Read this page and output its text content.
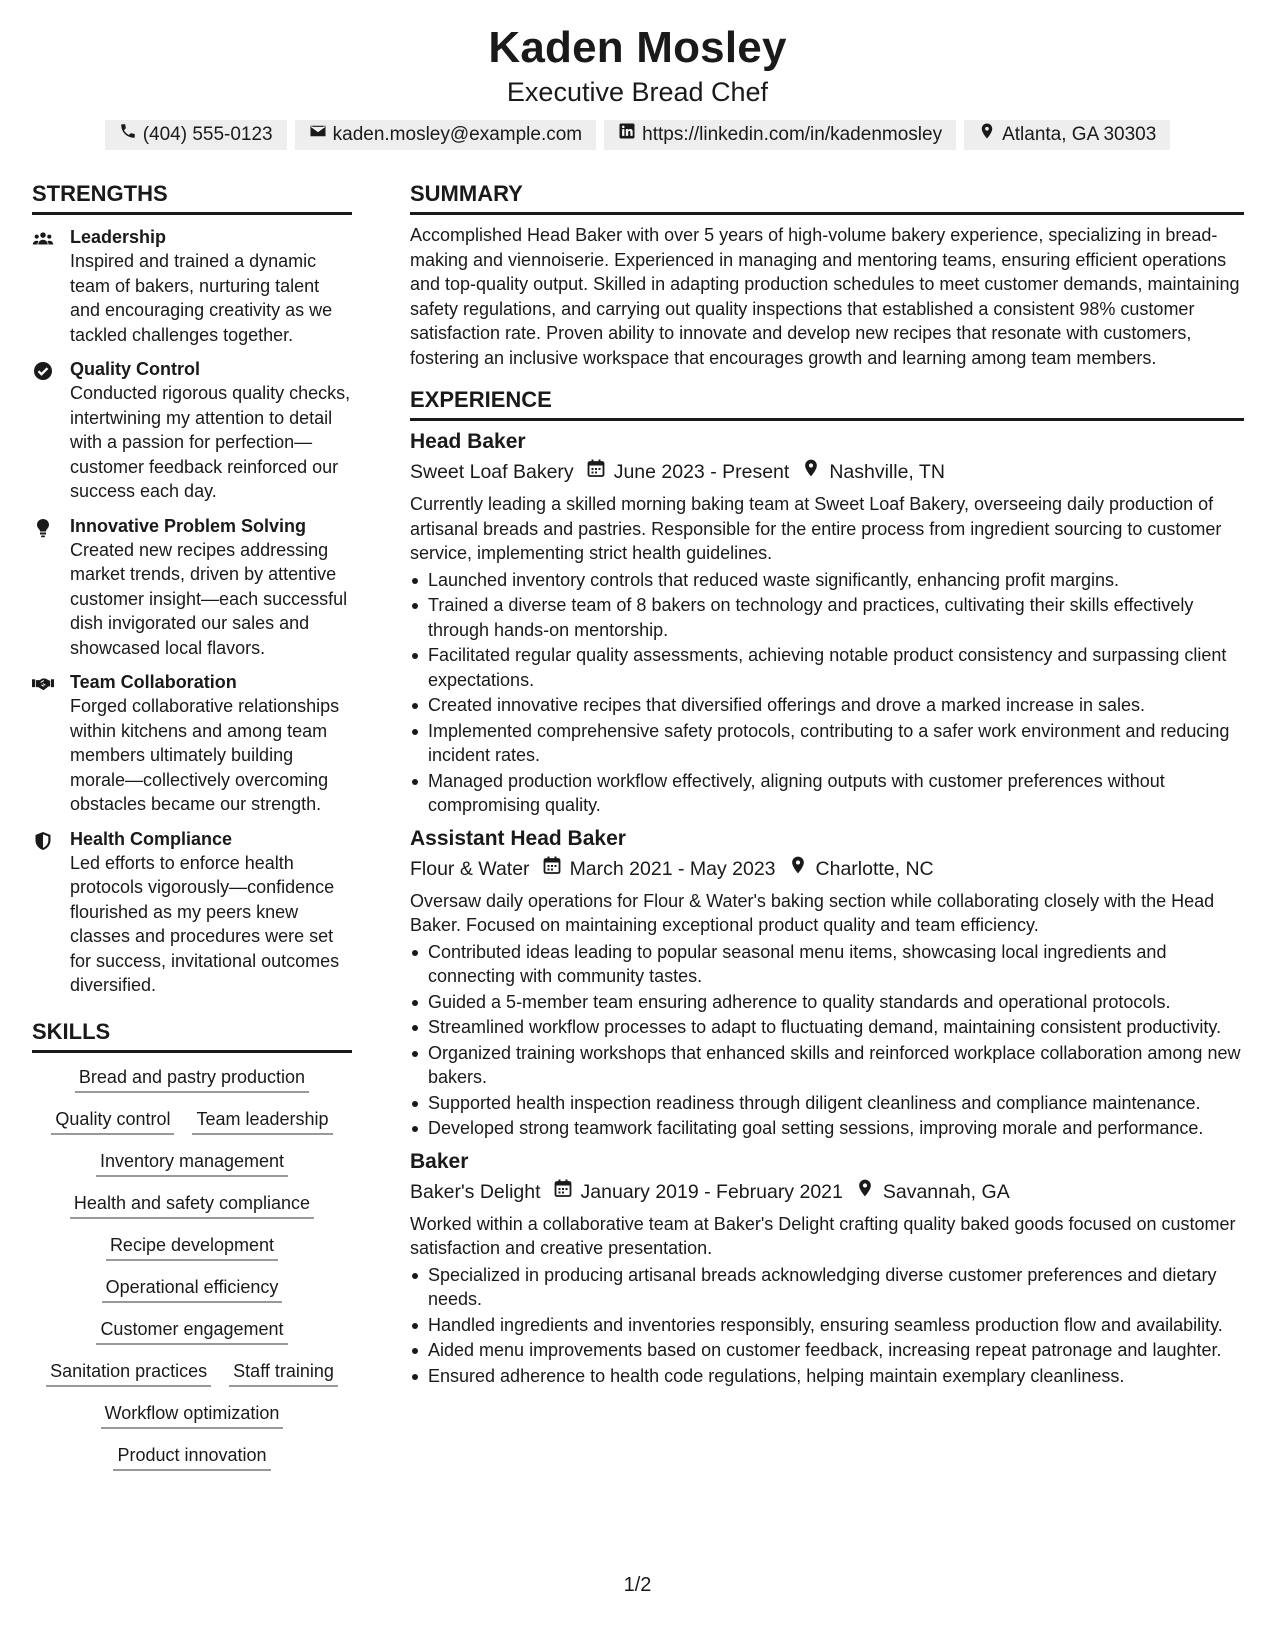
Kaden Mosley
Executive Bread Chef
(404) 555-0123	kaden.mosley@example.com	https://linkedin.com/in/kadenmosley	Atlanta, GA 30303
STRENGTHS
Leadership
Inspired and trained a dynamic team of bakers, nurturing talent and encouraging creativity as we tackled challenges together.
Quality Control
Conducted rigorous quality checks, intertwining my attention to detail with a passion for perfection—customer feedback reinforced our success each day.
Innovative Problem Solving
Created new recipes addressing market trends, driven by attentive customer insight—each successful dish invigorated our sales and showcased local flavors.
Team Collaboration
Forged collaborative relationships within kitchens and among team members ultimately building morale—collectively overcoming obstacles became our strength.
Health Compliance
Led efforts to enforce health protocols vigorously—confidence flourished as my peers knew classes and procedures were set for success, invitational outcomes diversified.
SKILLS
Bread and pastry production
Quality control Team leadership
Inventory management
Health and safety compliance
Recipe development
Operational efficiency
Customer engagement
Sanitation practices Staff training
Workflow optimization
Product innovation
SUMMARY
Accomplished Head Baker with over 5 years of high-volume bakery experience, specializing in bread-making and viennoiserie. Experienced in managing and mentoring teams, ensuring efficient operations and top-quality output. Skilled in adapting production schedules to meet customer demands, maintaining safety regulations, and carrying out quality inspections that established a consistent 98% customer satisfaction rate. Proven ability to innovate and develop new recipes that resonate with customers, fostering an inclusive workspace that encourages growth and learning among team members.
EXPERIENCE
Head Baker
Sweet Loaf Bakery June 2023 - Present Nashville, TN
Currently leading a skilled morning baking team at Sweet Loaf Bakery, overseeing daily production of artisanal breads and pastries. Responsible for the entire process from ingredient sourcing to customer service, implementing strict health guidelines.
Launched inventory controls that reduced waste significantly, enhancing profit margins.
Trained a diverse team of 8 bakers on technology and practices, cultivating their skills effectively through hands-on mentorship.
Facilitated regular quality assessments, achieving notable product consistency and surpassing client expectations.
Created innovative recipes that diversified offerings and drove a marked increase in sales.
Implemented comprehensive safety protocols, contributing to a safer work environment and reducing incident rates.
Managed production workflow effectively, aligning outputs with customer preferences without compromising quality.
Assistant Head Baker
Flour & Water March 2021 - May 2023 Charlotte, NC
Oversaw daily operations for Flour & Water's baking section while collaborating closely with the Head Baker. Focused on maintaining exceptional product quality and team efficiency.
Contributed ideas leading to popular seasonal menu items, showcasing local ingredients and connecting with community tastes.
Guided a 5-member team ensuring adherence to quality standards and operational protocols.
Streamlined workflow processes to adapt to fluctuating demand, maintaining consistent productivity.
Organized training workshops that enhanced skills and reinforced workplace collaboration among new bakers.
Supported health inspection readiness through diligent cleanliness and compliance maintenance.
Developed strong teamwork facilitating goal setting sessions, improving morale and performance.
Baker
Baker's Delight January 2019 - February 2021 Savannah, GA
Worked within a collaborative team at Baker's Delight crafting quality baked goods focused on customer satisfaction and creative presentation.
Specialized in producing artisanal breads acknowledging diverse customer preferences and dietary needs.
Handled ingredients and inventories responsibly, ensuring seamless production flow and availability.
Aided menu improvements based on customer feedback, increasing repeat patronage and laughter.
Ensured adherence to health code regulations, helping maintain exemplary cleanliness.
1/2
